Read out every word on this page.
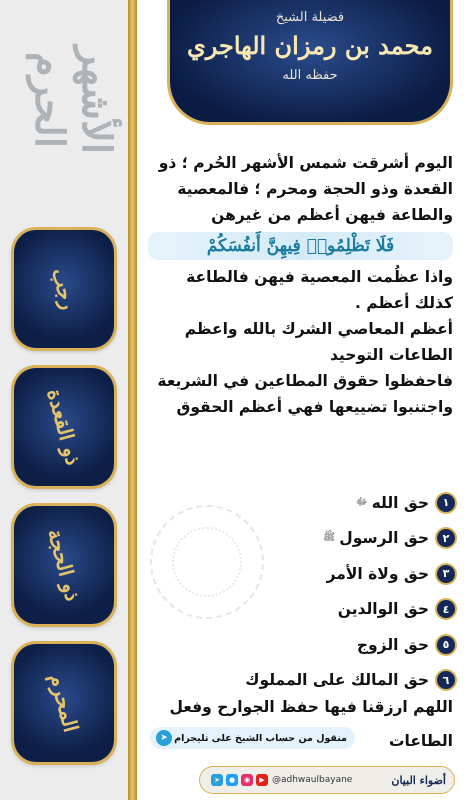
الأشهر الحرم
رجب
ذو القعدة
ذو الحجة
المحرم
فضيلة الشيخ
محمد بن رمزان الهاجري
حفظه الله
اليوم أشرقت شمس الأشهر الحُرم ؛ ذو
القعدة وذو الحجة ومحرم ؛ فالمعصية
والطاعة فيهن أعظم من غيرهن
فَلَا تَظْلِمُوا۟ فِيهِنَّ أَنفُسَكُمْ
واذا عظُمت المعصية فيهن فالطاعة
كذلك أعظم .
أعظم المعاصي الشرك بالله واعظم
الطاعات التوحيد
فاحفظوا حقوق المطاعين في الشريعة
واجتنبوا تضييعها فهي أعظم الحقوق
١
حق الله
ﷻ
٢
حق الرسول
ﷺ
٣
حق ولاة الأمر
٤
حق الوالدين
٥
حق الزوج
٦
حق المالك على المملوك
اللهم ارزقنا فيها حفظ الجوارح وفعل
منقول من حساب الشيخ على تليجرام
➤	الطاعات
➤	●	◉	▶ @adhwaulbayane	أضواء البيان
